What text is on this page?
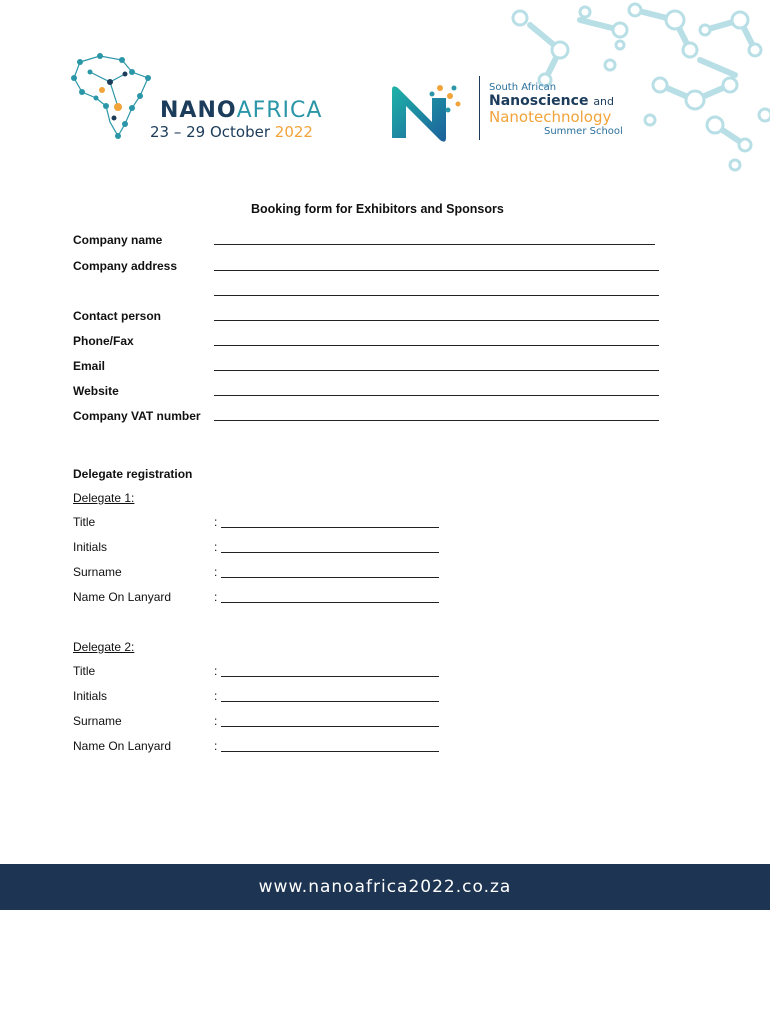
NANOAFRICA
23 – 29 October 2022
South African
Nanoscience and
Nanotechnology
Summer School
Booking form for Exhibitors and Sponsors
Company name
Company address
Contact person
Phone/Fax
Email
Website
Company VAT number
Delegate registration
Delegate 1:
Title	:
Initials	:
Surname	:
Name On Lanyard	:
Delegate 2:
Title	:
Initials	:
Surname	:
Name On Lanyard	:
www.nanoafrica2022.co.za
